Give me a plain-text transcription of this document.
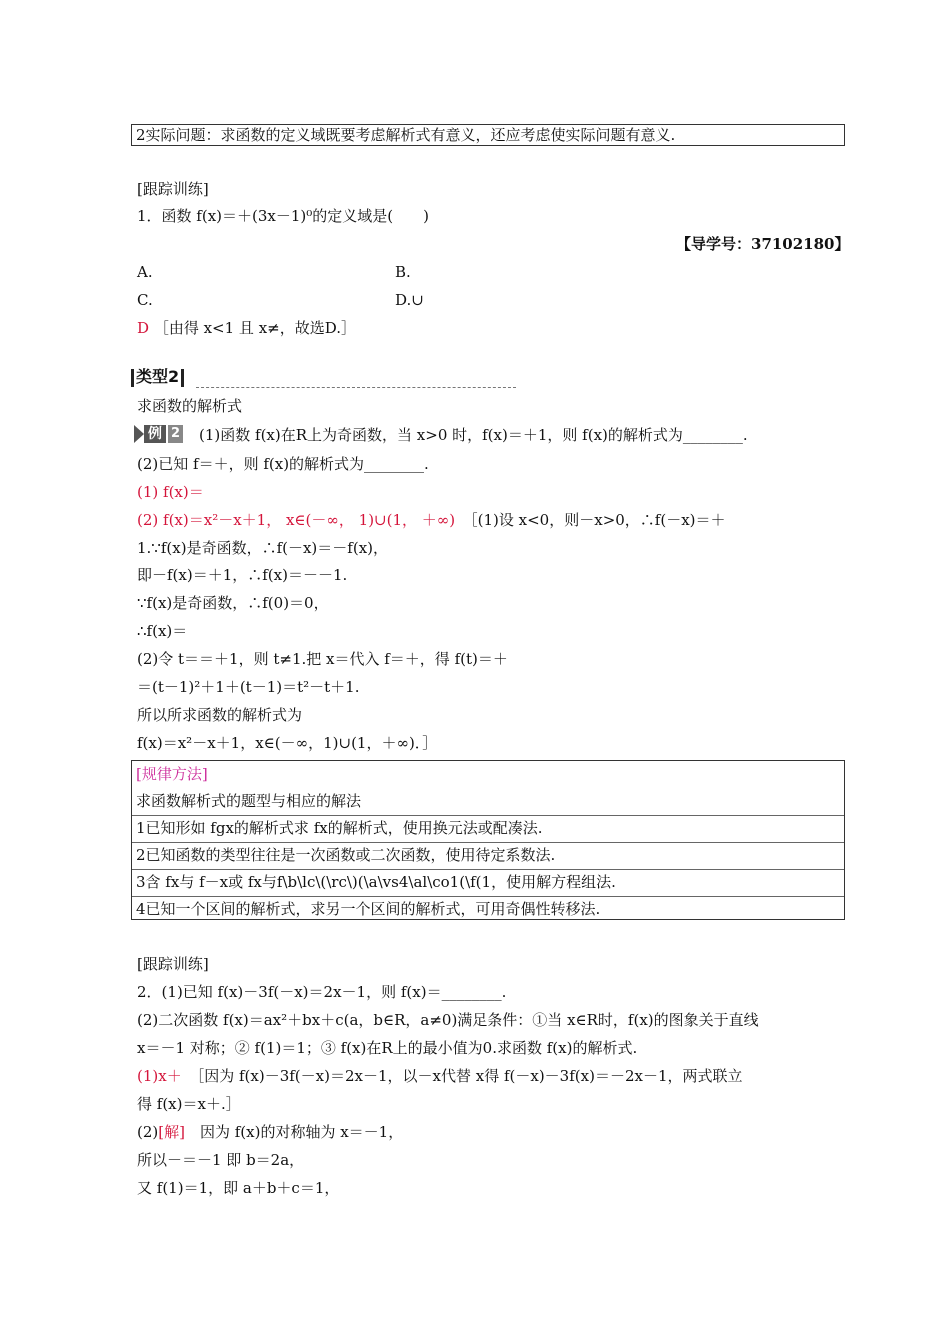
2实际问题：求函数的定义域既要考虑解析式有意义，还应考虑使实际问题有意义.
[跟踪训练]
1．函数 f(x)＝＋(3x－1)⁰的定义域是(　　)
【导学号：37102180】
A.	B.
C.	D.∪
D ［由得 x<1 且 x≠，故选D.］
类型2
求函数的解析式
例 2 (1)函数 f(x)在R上为奇函数，当 x>0 时，f(x)＝＋1，则 f(x)的解析式为________.
(2)已知 f＝＋，则 f(x)的解析式为________.
(1) f(x)＝
(2) f(x)＝x²－x＋1， x∈(－∞， 1)∪(1， ＋∞)　［(1)设 x<0，则－x>0，∴f(－x)＝＋
1.∵f(x)是奇函数，∴f(－x)＝－f(x)，
即－f(x)＝＋1，∴f(x)＝－－1.
∵f(x)是奇函数，∴f(0)＝0，
∴f(x)＝
(2)令 t＝＝＋1，则 t≠1.把 x＝代入 f＝＋，得 f(t)＝＋
＝(t－1)²＋1＋(t－1)＝t²－t＋1.
所以所求函数的解析式为
f(x)＝x²－x＋1，x∈(－∞，1)∪(1，＋∞)．］
[规律方法]
求函数解析式的题型与相应的解法
1已知形如 fgx的解析式求 fx的解析式，使用换元法或配凑法.
2已知函数的类型往往是一次函数或二次函数，使用待定系数法.
3含 fx与 f－x或 fx与f\b\lc\(\rc\)(\a\vs4\al\co1(\f(1，使用解方程组法.
4已知一个区间的解析式，求另一个区间的解析式，可用奇偶性转移法.
[跟踪训练]
2．(1)已知 f(x)－3f(－x)＝2x－1，则 f(x)＝________.
(2)二次函数 f(x)＝ax²＋bx＋c(a，b∈R，a≠0)满足条件：①当 x∈R时，f(x)的图象关于直线
x＝－1 对称；② f(1)＝1；③ f(x)在R上的最小值为0.求函数 f(x)的解析式.
(1)x＋　［因为 f(x)－3f(－x)＝2x－1，以－x代替 x得 f(－x)－3f(x)＝－2x－1，两式联立
得 f(x)＝x＋.］
(2)[解]　因为 f(x)的对称轴为 x＝－1，
所以－＝－1 即 b＝2a，
又 f(1)＝1，即 a＋b＋c＝1，
